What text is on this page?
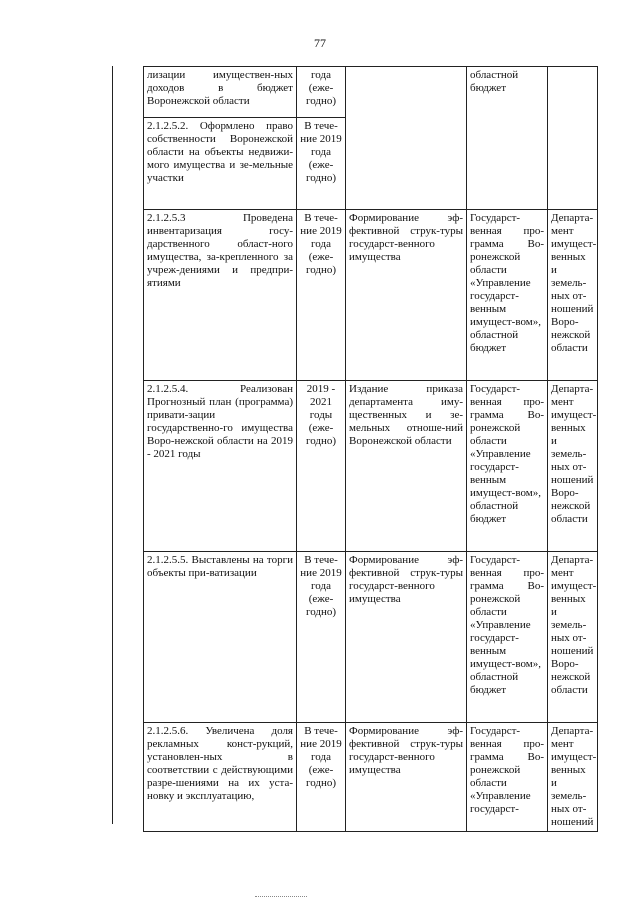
77
лизации имуществен-ных доходов в бюджет Воронежской области	года (еже-годно)		областной бюджет	
2.1.2.5.2. Оформлено право собственности Воронежской области на объекты недвижи-мого имущества и зе-мельные участки	В тече-ние 2019 года (еже-годно)			
2.1.2.5.3 Проведена инвентаризация госу-дарственного област-ного имущества, за-крепленного за учреж-дениями и предпри-ятиями	В тече-ние 2019 года (еже-годно)	Формирование эф-фективной струк-туры государст-венного имущества	Государст-венная про-грамма Во-ронежской области «Управление государст-венным имущест-вом», областной бюджет	Департа-мент имущест-венных и земель-ных от-ношений Воро-нежской области
2.1.2.5.4. Реализован Прогнозный план (программа) привати-зации государственно-го имущества Воро-нежской области на 2019 - 2021 годы	2019 - 2021 годы (еже-годно)	Издание приказа департамента иму-щественных и зе-мельных отноше-ний Воронежской области	Государст-венная про-грамма Во-ронежской области «Управление государст-венным имущест-вом», областной бюджет	Департа-мент имущест-венных и земель-ных от-ношений Воро-нежской области
2.1.2.5.5. Выставлены на торги объекты при-ватизации	В тече-ние 2019 года (еже-годно)	Формирование эф-фективной струк-туры государст-венного имущества	Государст-венная про-грамма Во-ронежской области «Управление государст-венным имущест-вом», областной бюджет	Департа-мент имущест-венных и земель-ных от-ношений Воро-нежской области
2.1.2.5.6. Увеличена доля рекламных конст-рукций, установлен-ных в соответствии с действующими разре-шениями на их уста-новку и эксплуатацию,	В тече-ние 2019 года (еже-годно)	Формирование эф-фективной струк-туры государст-венного имущества	Государст-венная про-грамма Во-ронежской области «Управление государст-	Департа-мент имущест-венных и земель-ных от-ношений
